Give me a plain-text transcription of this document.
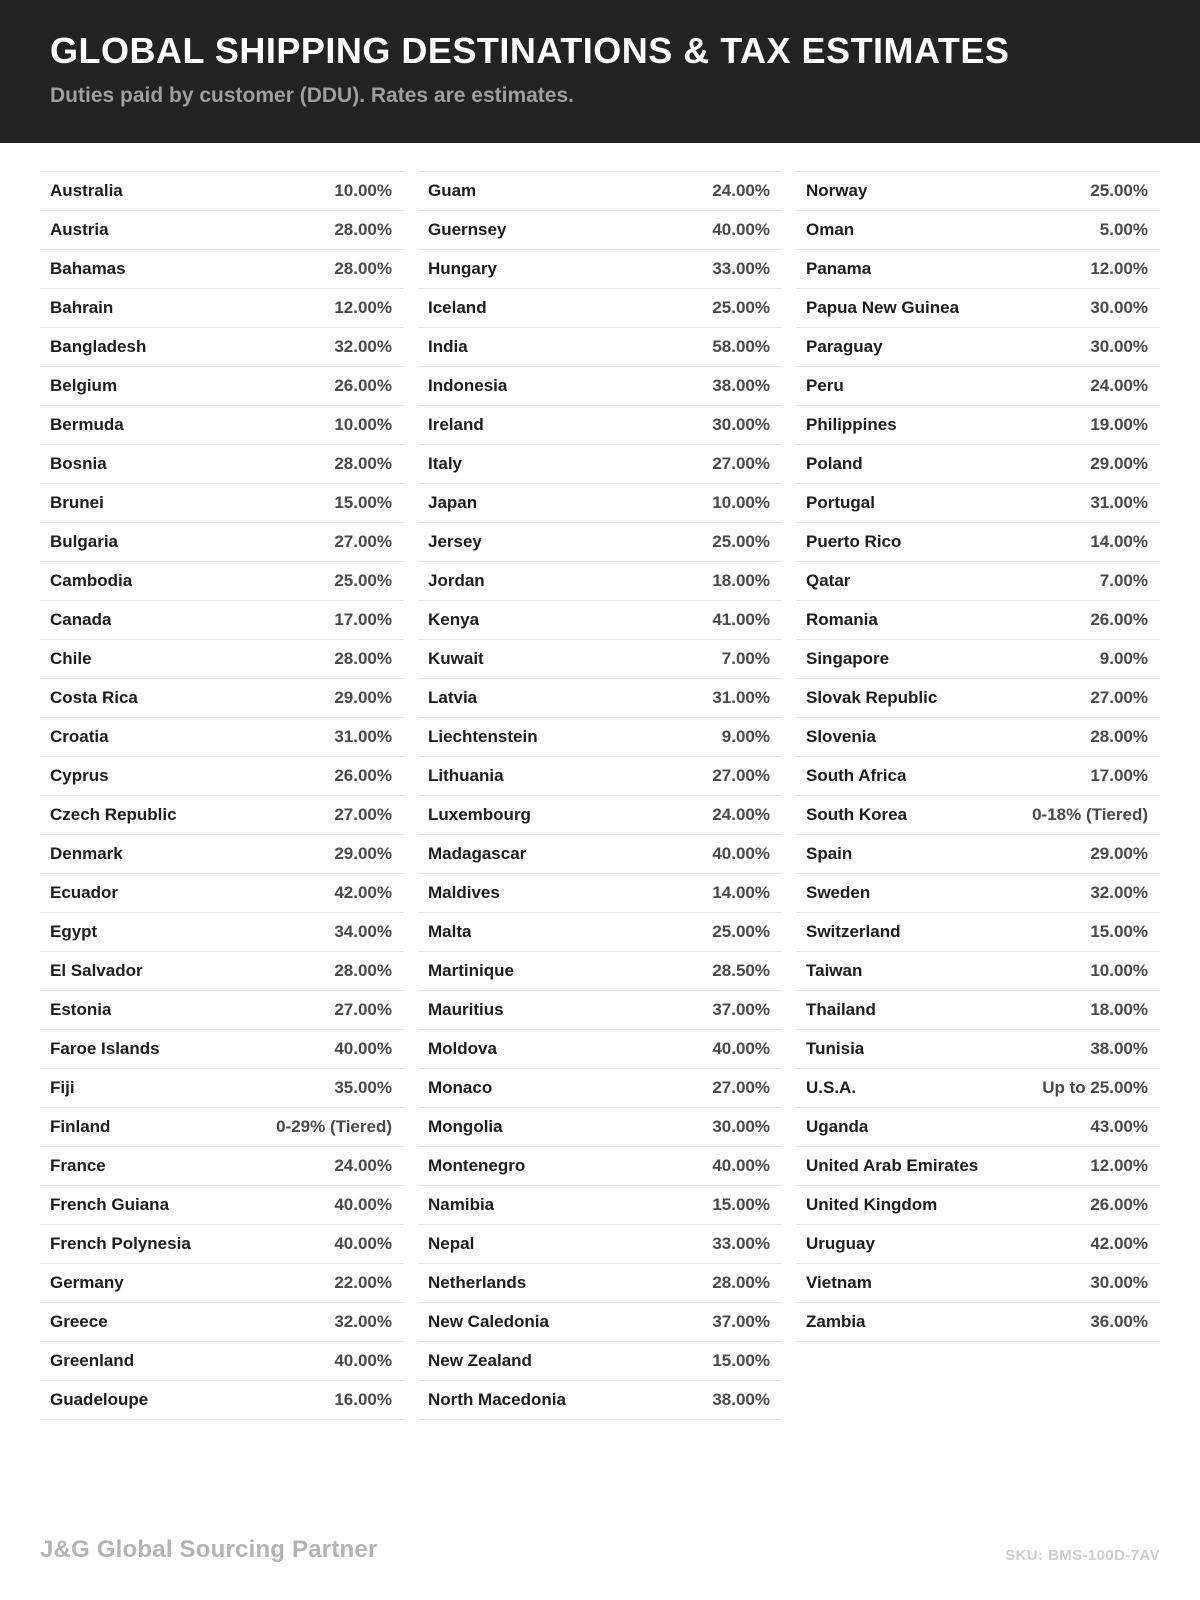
GLOBAL SHIPPING DESTINATIONS & TAX ESTIMATES
Duties paid by customer (DDU). Rates are estimates.
Australia	10.00%
Austria	28.00%
Bahamas	28.00%
Bahrain	12.00%
Bangladesh	32.00%
Belgium	26.00%
Bermuda	10.00%
Bosnia	28.00%
Brunei	15.00%
Bulgaria	27.00%
Cambodia	25.00%
Canada	17.00%
Chile	28.00%
Costa Rica	29.00%
Croatia	31.00%
Cyprus	26.00%
Czech Republic	27.00%
Denmark	29.00%
Ecuador	42.00%
Egypt	34.00%
El Salvador	28.00%
Estonia	27.00%
Faroe Islands	40.00%
Fiji	35.00%
Finland	0-29% (Tiered)
France	24.00%
French Guiana	40.00%
French Polynesia	40.00%
Germany	22.00%
Greece	32.00%
Greenland	40.00%
Guadeloupe	16.00%
Guam	24.00%
Guernsey	40.00%
Hungary	33.00%
Iceland	25.00%
India	58.00%
Indonesia	38.00%
Ireland	30.00%
Italy	27.00%
Japan	10.00%
Jersey	25.00%
Jordan	18.00%
Kenya	41.00%
Kuwait	7.00%
Latvia	31.00%
Liechtenstein	9.00%
Lithuania	27.00%
Luxembourg	24.00%
Madagascar	40.00%
Maldives	14.00%
Malta	25.00%
Martinique	28.50%
Mauritius	37.00%
Moldova	40.00%
Monaco	27.00%
Mongolia	30.00%
Montenegro	40.00%
Namibia	15.00%
Nepal	33.00%
Netherlands	28.00%
New Caledonia	37.00%
New Zealand	15.00%
North Macedonia	38.00%
Norway	25.00%
Oman	5.00%
Panama	12.00%
Papua New Guinea	30.00%
Paraguay	30.00%
Peru	24.00%
Philippines	19.00%
Poland	29.00%
Portugal	31.00%
Puerto Rico	14.00%
Qatar	7.00%
Romania	26.00%
Singapore	9.00%
Slovak Republic	27.00%
Slovenia	28.00%
South Africa	17.00%
South Korea	0-18% (Tiered)
Spain	29.00%
Sweden	32.00%
Switzerland	15.00%
Taiwan	10.00%
Thailand	18.00%
Tunisia	38.00%
U.S.A.	Up to 25.00%
Uganda	43.00%
United Arab Emirates	12.00%
United Kingdom	26.00%
Uruguay	42.00%
Vietnam	30.00%
Zambia	36.00%
J&G Global Sourcing Partner	SKU: BMS-100D-7AV
